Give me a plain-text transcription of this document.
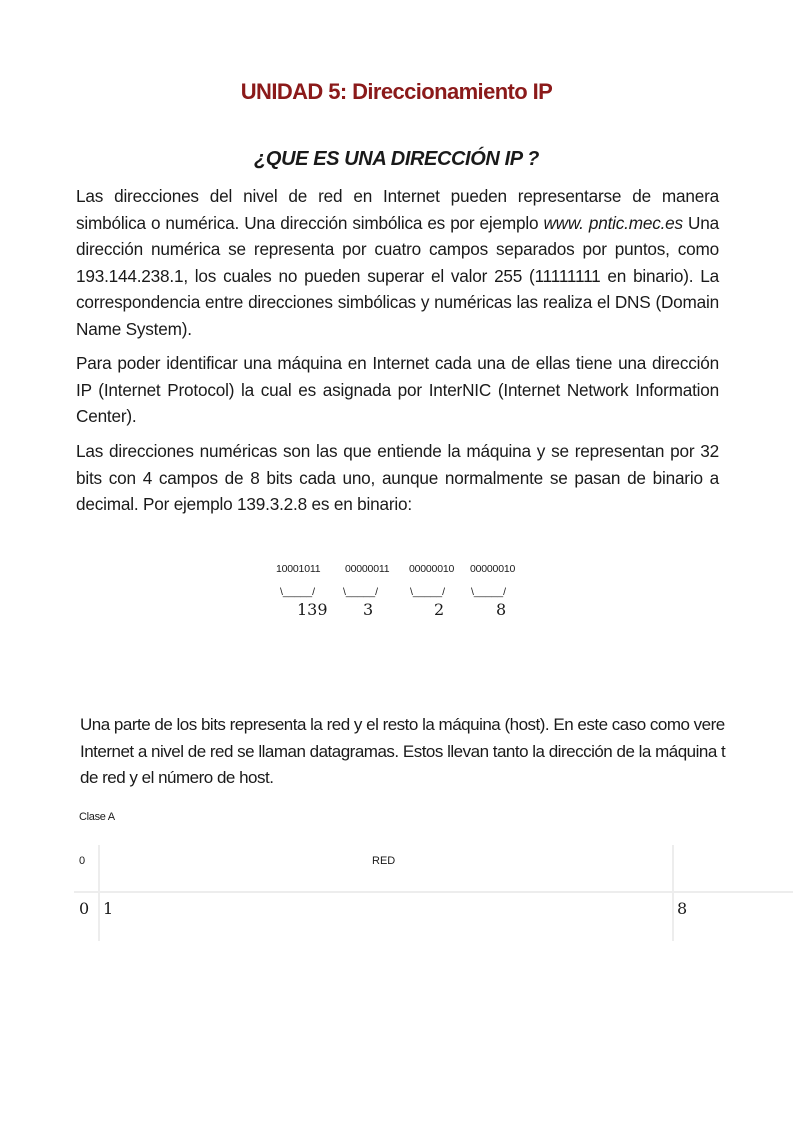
UNIDAD 5: Direccionamiento IP
¿QUE ES UNA DIRECCIÓN IP ?

Las direcciones del nivel de red en Internet pueden representarse de manera simbólica o numérica. Una dirección simbólica es por ejemplo www. pntic.mec.es Una dirección numérica se representa por cuatro campos separados por puntos, como 193.144.238.1, los cuales no pueden superar el valor 255 (11111111 en binario). La correspondencia entre direcciones simbólicas y numéricas las realiza el DNS (Domain Name System).

Para poder identificar una máquina en Internet cada una de ellas tiene una dirección IP (Internet Protocol) la cual es asignada por InterNIC (Internet Network Information Center).

Las direcciones numéricas son las que entiende la máquina y se representan por 32 bits con 4 campos de 8 bits cada uno, aunque normalmente se pasan de binario a decimal. Por ejemplo 139.3.2.8 es en binario:

10001011 00000011 00000010 00000010
\_____/	\_____/	\_____/ \_____/
139 3	2	8
Una parte de los bits representa la red y el resto la máquina (host). En este caso como vere
Internet a nivel de red se llaman datagramas. Estos llevan tanto la dirección de la máquina t
de red y el número de host.
Clase A
0	RED
0 1	8
